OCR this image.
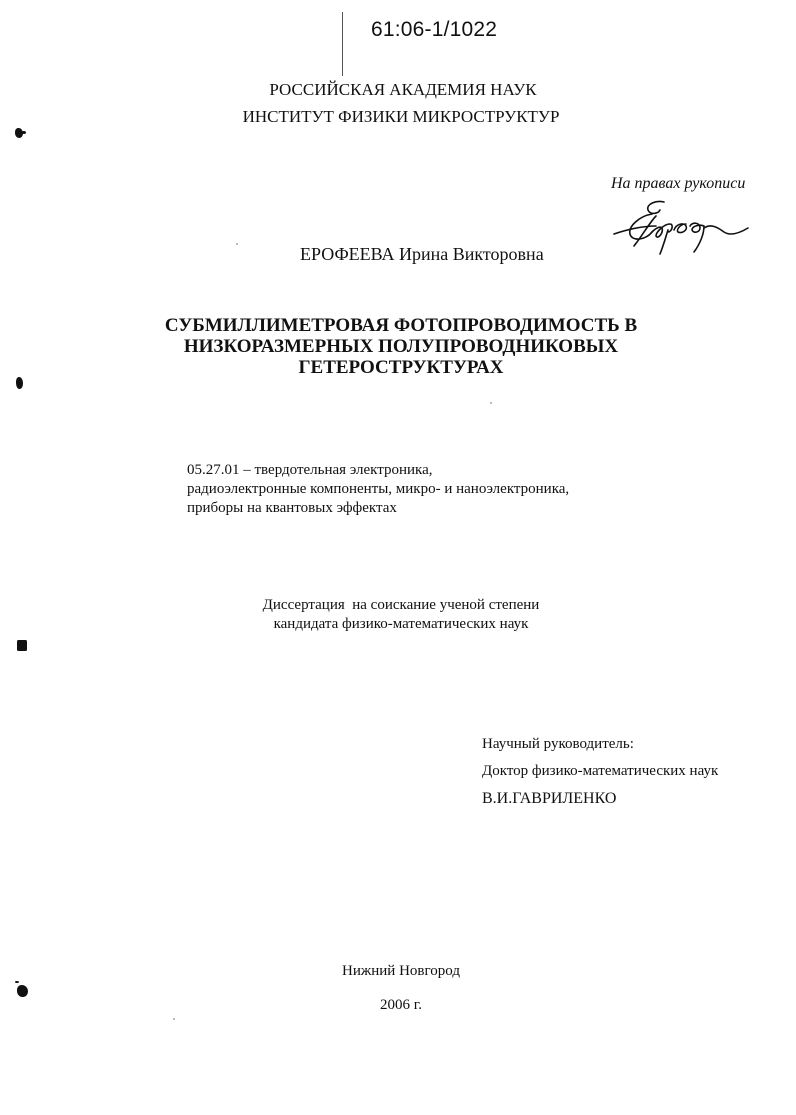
61:06-1/1022
РОССИЙСКАЯ АКАДЕМИЯ НАУК
ИНСТИТУТ ФИЗИКИ МИКРОСТРУКТУР
На правах рукописи
ЕРОФЕЕВА Ирина Викторовна
СУБМИЛЛИМЕТРОВАЯ ФОТОПРОВОДИМОСТЬ В
НИЗКОРАЗМЕРНЫХ ПОЛУПРОВОДНИКОВЫХ
ГЕТЕРОСТРУКТУРАХ
05.27.01 – твердотельная электроника,
радиоэлектронные компоненты, микро- и наноэлектроника,
приборы на квантовых эффектах
Диссертация  на соискание ученой степени
кандидата физико-математических наук
Научный руководитель:
Доктор физико-математических наук
В.И.ГАВРИЛЕНКО
Нижний Новгород
2006 г.
